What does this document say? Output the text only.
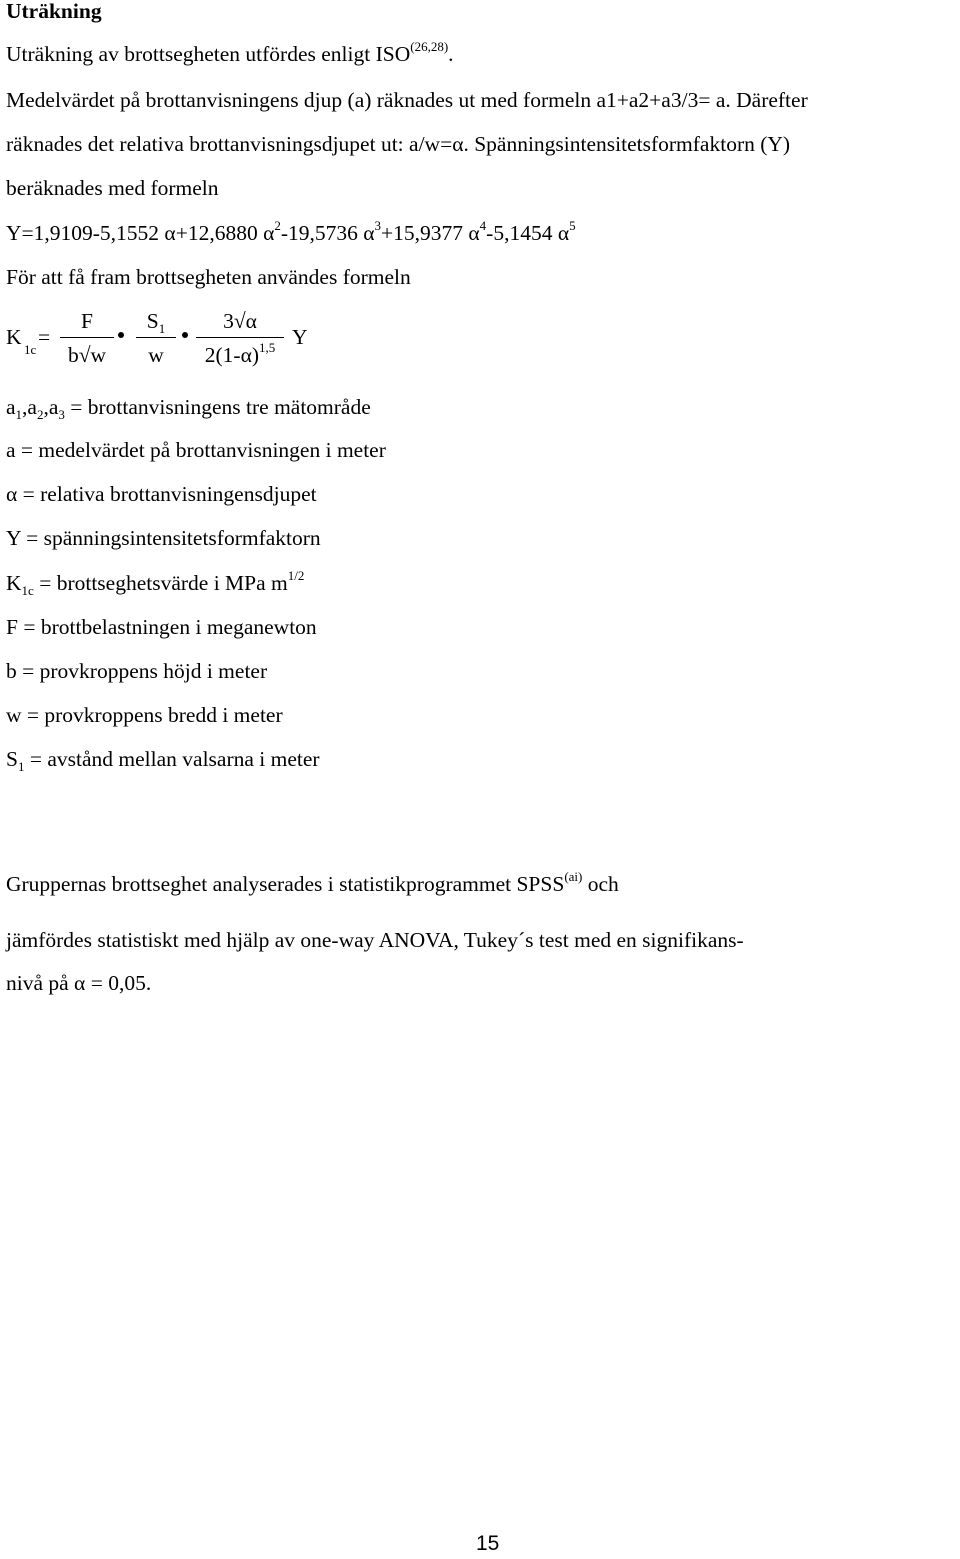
Uträkning
Uträkning av brottsegheten utfördes enligt ISO$^{(26,28)}$.
Medelvärdet på brottanvisningens djup (a) räknades ut med formeln a1+a2+a3/3= a. Därefter
räknades det relativa brottanvisningsdjupet ut: a/w=α. Spänningsintensitetsformfaktorn (Y)
beräknades med formeln
Y=1,9109-5,1552 α+12,6880 $\alpha^2-19,5736$ $\alpha^3+15,9377$ $\alpha^4-5,1454$ $\alpha^5$
För att få fram brottsegheten användes formeln
K
1c
=
F
b√w
$S_1$
w
3√α
$2(1-\alpha)^{1,5}$ Y
$a_1,a_2,a_3$ = brottanvisningens tre mätområde
a = medelvärdet på brottanvisningen i meter
α = relativa brottanvisningensdjupet
Y = spänningsintensitetsformfaktorn
$K_{1c}$ = brottseghetsvärde i MPa $m^{1/2}$
F = brottbelastningen i meganewton
b = provkroppens höjd i meter
w = provkroppens bredd i meter
$S_1$ = avstånd mellan valsarna i meter
Gruppernas brottseghet analyserades i statistikprogrammet $SPSS^{(ai)}$ och
jämfördes statistiskt med hjälp av one-way ANOVA, Tukey´s test med en signifikans-
nivå på α = 0,05.
15
